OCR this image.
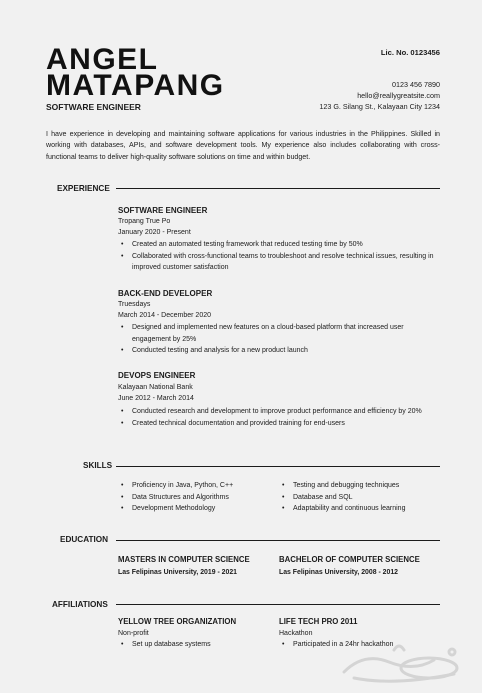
ANGEL
MATAPANG
SOFTWARE ENGINEER
Lic. No. 0123456
0123 456 7890
hello@reallygreatsite.com
123 G. Silang St., Kalayaan City 1234
I have experience in developing and maintaining software applications for various industries in the Philippines. Skilled in working with databases, APIs, and software development tools. My experience also includes collaborating with cross-functional teams to deliver high-quality software solutions on time and within budget.
EXPERIENCE
SOFTWARE ENGINEER
Tropang True Po
January 2020 - Present
• Created an automated testing framework that reduced testing time by 50%
• Collaborated with cross-functional teams to troubleshoot and resolve technical issues, resulting in improved customer satisfaction
BACK-END DEVELOPER
Truesdays
March 2014 - December 2020
• Designed and implemented new features on a cloud-based platform that increased user engagement by 25%
• Conducted testing and analysis for a new product launch
DEVOPS ENGINEER
Kalayaan National Bank
June 2012 - March 2014
• Conducted research and development to improve product performance and efficiency by 20%
• Created technical documentation and provided training for end-users
SKILLS
• Proficiency in Java, Python, C++
• Data Structures and Algorithms
• Development Methodology
• Testing and debugging techniques
• Database and SQL
• Adaptability and continuous learning
EDUCATION
MASTERS IN COMPUTER SCIENCE
Las Felipinas University, 2019 - 2021
BACHELOR OF COMPUTER SCIENCE
Las Felipinas University, 2008 - 2012
AFFILIATIONS
YELLOW TREE ORGANIZATION
Non-profit
• Set up database systems
LIFE TECH PRO 2011
Hackathon
• Participated in a 24hr hackathon
